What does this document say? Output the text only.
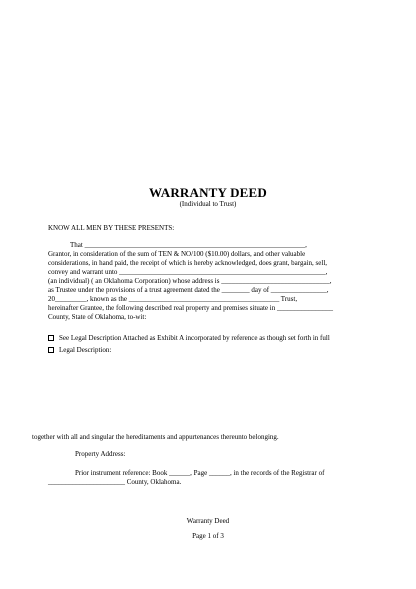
WARRANTY DEED
(Individual to Trust)
KNOW ALL MEN BY THESE PRESENTS:
That _______________________________________________________________,
Grantor, in consideration of the sum of TEN & NO/100 ($10.00) dollars, and other valuable
considerations, in hand paid, the receipt of which is hereby acknowledged, does grant, bargain, sell,
convey and warrant unto ___________________________________________________________,
(an individual) ( an Oklahoma Corporation) whose address is _______________________________,
as Trustee under the provisions of a trust agreement dated the ________ day of ________________,
20_________, known as the ___________________________________________ Trust,
hereinafter Grantee, the following described real property and premises situate in ________________
County, State of Oklahoma, to-wit:
See Legal Description Attached as Exhibit A incorporated by reference as though set forth in full
Legal Description:
together with all and singular the hereditaments and appurtenances thereunto belonging.
Property Address:
Prior instrument reference: Book ______, Page ______, in the records of the Registrar of
______________________ County, Oklahoma.
Warranty Deed
Page 1 of 3
